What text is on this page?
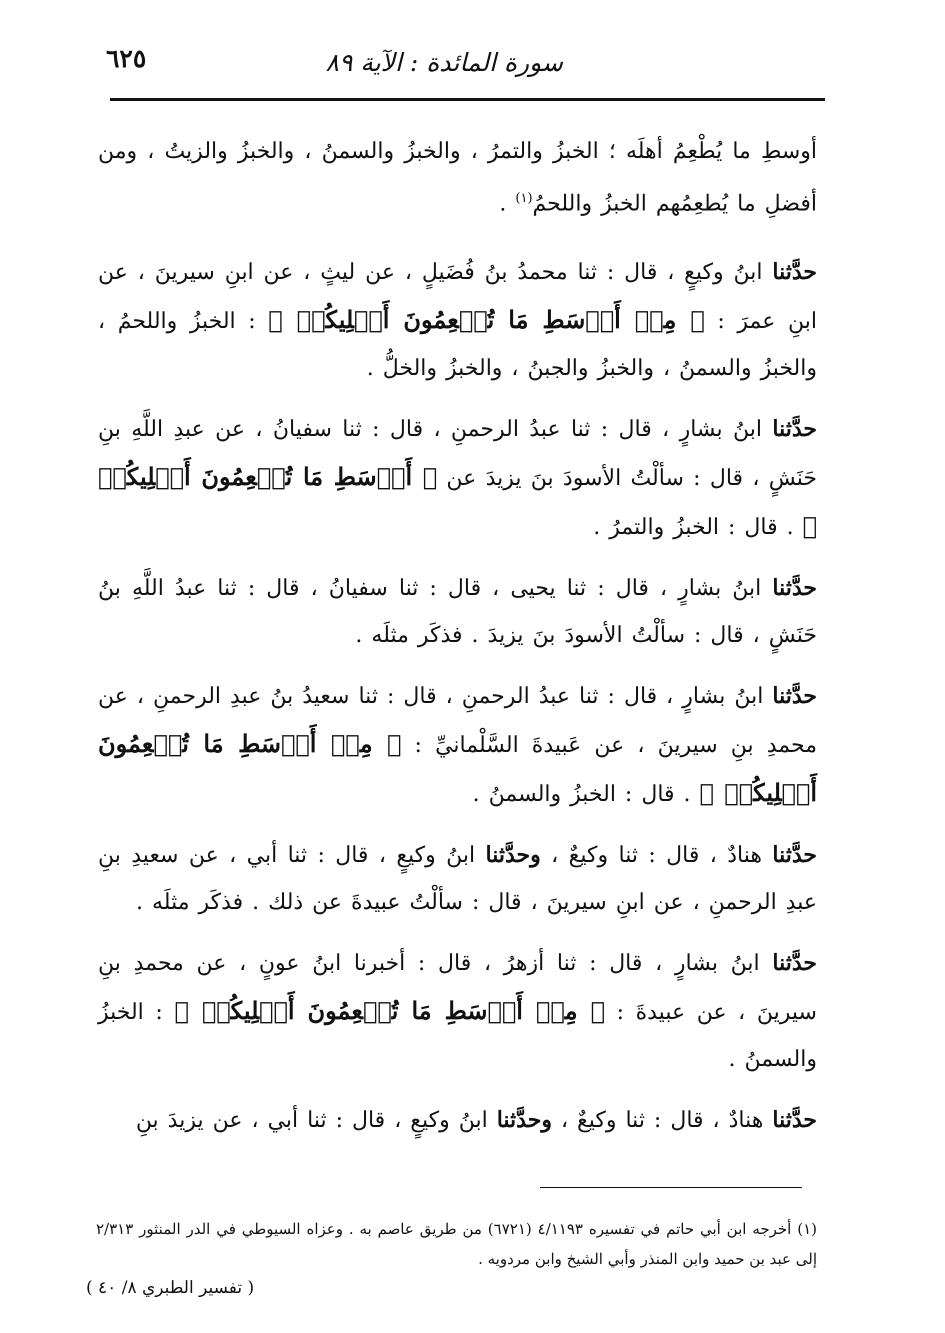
سورة المائدة : الآية ٨٩
٦٢٥

أوسطِ ما يُطْعِمُ أهلَه ؛ الخبزُ والتمرُ ، والخبزُ والسمنُ ، والخبزُ والزيتُ ، ومن أفضلِ ما يُطعِمُهم الخبزُ واللحمُ$^{(١)}$ .

حدَّثنا ابنُ وكيعٍ ، قال : ثنا محمدُ بنُ فُضَيلٍ ، عن ليثٍ ، عن ابنِ سيرينَ ، عن ابنِ عمرَ : ﴿ مِنۡ أَوۡسَطِ مَا تُطۡعِمُونَ أَهۡلِيكُمۡ ﴾ : الخبزُ واللحمُ ، والخبزُ والسمنُ ، والخبزُ والجبنُ ، والخبزُ والخلُّ .

حدَّثنا ابنُ بشارٍ ، قال : ثنا عبدُ الرحمنِ ، قال : ثنا سفيانُ ، عن عبدِ اللَّهِ بنِ حَنَشٍ ، قال : سألْتُ الأسودَ بنَ يزيدَ عن ﴿ أَوۡسَطِ مَا تُطۡعِمُونَ أَهۡلِيكُمۡ ﴾ . قال : الخبزُ والتمرُ .

حدَّثنا ابنُ بشارٍ ، قال : ثنا يحيى ، قال : ثنا سفيانُ ، قال : ثنا عبدُ اللَّهِ بنُ حَنَشٍ ، قال : سألْتُ الأسودَ بنَ يزيدَ . فذكَر مثلَه .

حدَّثنا ابنُ بشارٍ ، قال : ثنا عبدُ الرحمنِ ، قال : ثنا سعيدُ بنُ عبدِ الرحمنِ ، عن محمدِ بنِ سيرينَ ، عن عَبيدةَ السَّلْمانيِّ : ﴿ مِنۡ أَوۡسَطِ مَا تُطۡعِمُونَ أَهۡلِيكُمۡ ﴾ . قال : الخبزُ والسمنُ .

حدَّثنا هنادٌ ، قال : ثنا وكيعٌ ، وحدَّثنا ابنُ وكيعٍ ، قال : ثنا أبي ، عن سعيدِ بنِ عبدِ الرحمنِ ، عن ابنِ سيرينَ ، قال : سألْتُ عبيدةَ عن ذلك . فذكَر مثلَه .

حدَّثنا ابنُ بشارٍ ، قال : ثنا أزهرُ ، قال : أخبرنا ابنُ عونٍ ، عن محمدِ بنِ سيرينَ ، عن عبيدةَ : ﴿ مِنۡ أَوۡسَطِ مَا تُطۡعِمُونَ أَهۡلِيكُمۡ ﴾ : الخبزُ والسمنُ .

حدَّثنا هنادٌ ، قال : ثنا وكيعٌ ، وحدَّثنا ابنُ وكيعٍ ، قال : ثنا أبي ، عن يزيدَ بنِ

(١) أخرجه ابن أبي حاتم في تفسيره ٤/١١٩٣ (٦٧٢١) من طريق عاصم به . وعزاه السيوطي في الدر المنثور ٢/٣١٣ إلى عبد بن حميد وابن المنذر وأبي الشيخ وابن مردويه .
( تفسير الطبري ٨/ ٤٠ )
